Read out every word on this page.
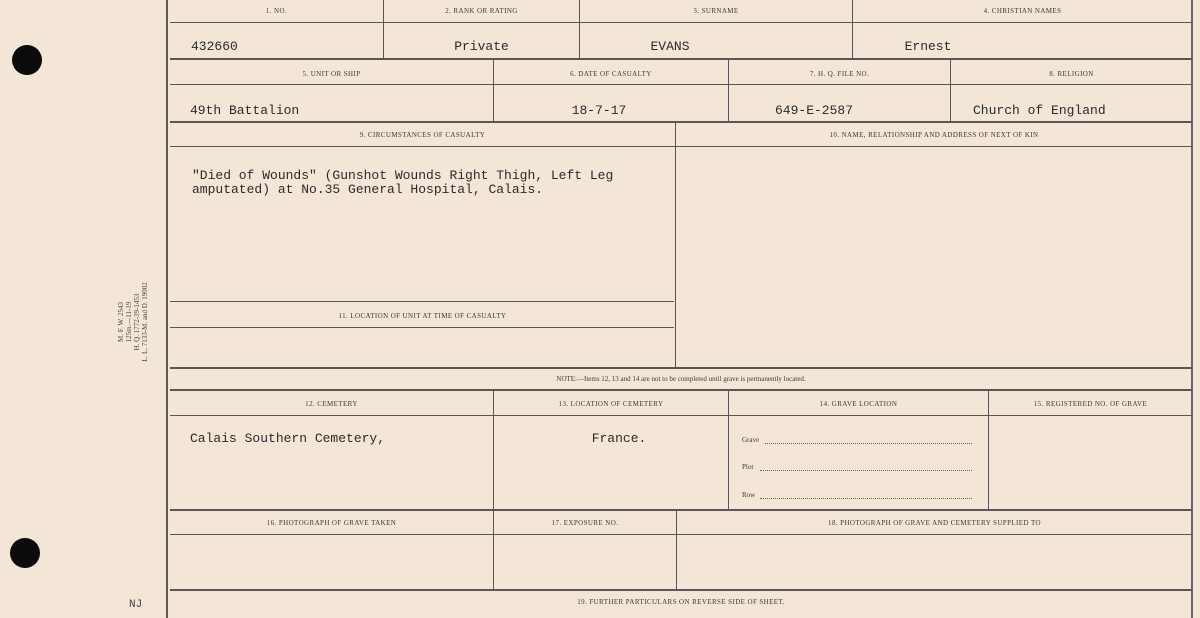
M. F. W. 2543 125m.—11-19 H. Q. 1772-39-1453 L. L. 7133-M. and D. 19002
NJ
1. NO.	2. RANK OR RATING	3. SURNAME	4. CHRISTIAN NAMES
432660	Private	EVANS	Ernest
5. UNIT OR SHIP	6. DATE OF CASUALTY	7. H. Q. FILE NO.	8. RELIGION
49th Battalion	18-7-17	649-E-2587	Church of England
9. CIRCUMSTANCES OF CASUALTY	10. NAME, RELATIONSHIP AND ADDRESS OF NEXT OF KIN
"Died of Wounds" (Gunshot Wounds Right Thigh, Left Leg amputated) at No.35 General Hospital, Calais.
11. LOCATION OF UNIT AT TIME OF CASUALTY
NOTE:—Items 12, 13 and 14 are not to be completed until grave is permanently located.
12. CEMETERY	13. LOCATION OF CEMETERY	14. GRAVE LOCATION	15. REGISTERED NO. OF GRAVE
Calais Southern Cemetery,	France.	Grave
Plot
Row
16. PHOTOGRAPH OF GRAVE TAKEN	17. EXPOSURE NO.	18. PHOTOGRAPH OF GRAVE AND CEMETERY SUPPLIED TO
19. FURTHER PARTICULARS ON REVERSE SIDE OF SHEET.
